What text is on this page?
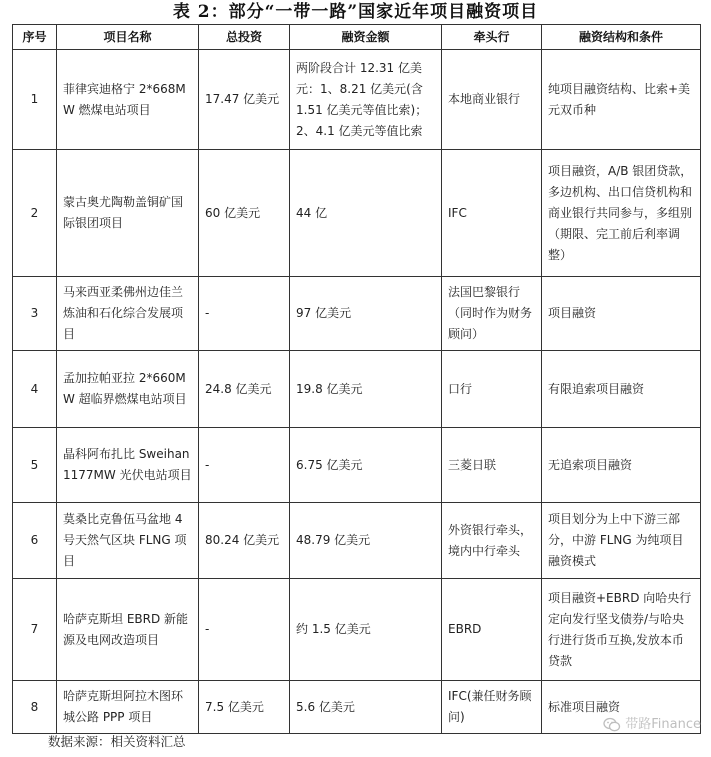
表 2：部分“一带一路”国家近年项目融资项目
序号	项目名称	总投资	融资金额	牵头行	融资结构和条件
1	菲律宾迪格宁 2*668MW 燃煤电站项目	17.47 亿美元	两阶段合计 12.31 亿美元：1、8.21 亿美元(含 1.51 亿美元等值比索)；2、4.1 亿美元等值比索	本地商业银行	纯项目融资结构、比索+美元双币种
2	蒙古奥尤陶勒盖铜矿国际银团项目	60 亿美元	44 亿	IFC	项目融资，A/B 银团贷款，多边机构、出口信贷机构和商业银行共同参与，多组别（期限、完工前后利率调整）
3	马来西亚柔佛州边佳兰炼油和石化综合发展项目	-	97 亿美元	法国巴黎银行（同时作为财务顾问）	项目融资
4	孟加拉帕亚拉 2*660MW 超临界燃煤电站项目	24.8 亿美元	19.8 亿美元	口行	有限追索项目融资
5	晶科阿布扎比 Sweihan 1177MW 光伏电站项目	-	6.75 亿美元	三菱日联	无追索项目融资
6	莫桑比克鲁伍马盆地 4 号天然气区块 FLNG 项目	80.24 亿美元	48.79 亿美元	外资银行牵头，境内中行牵头	项目划分为上中下游三部分，中游 FLNG 为纯项目融资模式
7	哈萨克斯坦 EBRD 新能源及电网改造项目	-	约 1.5 亿美元	EBRD	项目融资+EBRD 向哈央行定向发行坚戈债券/与哈央行进行货币互换,发放本币贷款
8	哈萨克斯坦阿拉木图环城公路 PPP 项目	7.5 亿美元	5.6 亿美元	IFC(兼任财务顾问)	标准项目融资
数据来源：相关资料汇总
带路Finance
